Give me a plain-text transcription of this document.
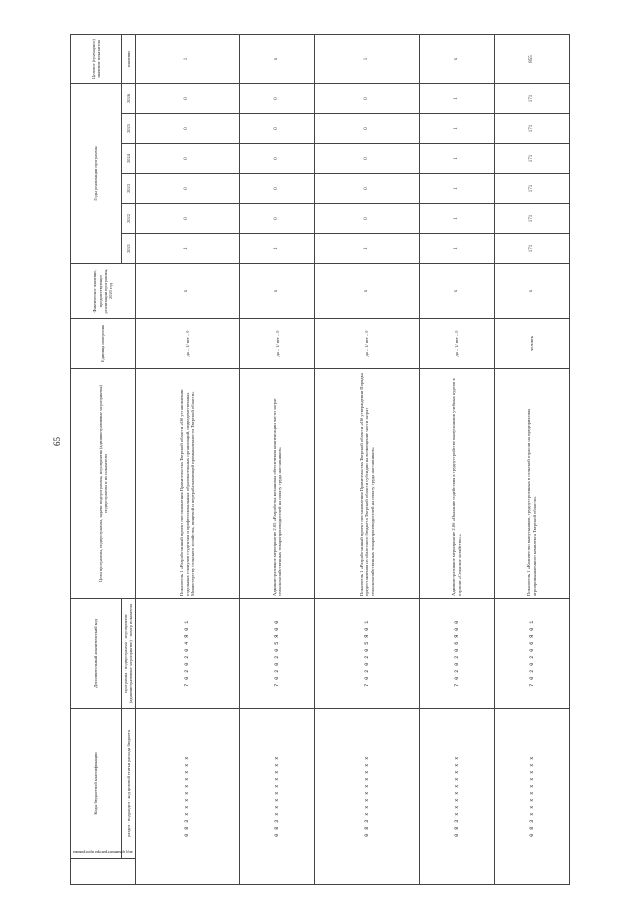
65
код администратора программы	Коды бюджетной классификации	Дополнительный аналитический код	Цели программы, подпрограммы, задачи подпрограммы, мероприятия (административные мероприятия) подпрограммы и их показатели	Единица измерения	Фактическое значение, предшествующее реализации программы, 2020 год	Годы реализации программы						Целевое (суммарное) значение показателя
	раздел · подраздел · код целевой статьи расхода бюджета	программа · подпрограмма · мероприятие (административное мероприятие) · номер показателя				2021	2022	2023	2024	2025	2026	значение
0 8 3 х х х х х х х х х		7 0 2 0 2 0 4 Я 0 1	Показатель 1 «Разработанный проект постановления Правительства Тверской области «Об установлении отдельных стимулов студентам и профессиональных образовательных организаций, подведомственных Министерству сельского хозяйства, пищевой и перерабатывающей промышленности Тверской области»	да – 1/ нет – 0	х	1	0	0	0	0	0	1
0 8 3 х х х х х х х х х		7 0 2 0 2 0 5 Я 0 0	Административное мероприятие 2.05 «Разработка механизма обеспечения компенсации части затрат сельскохозяйственных товаропроизводителей на оплату труда наставников»	да – 1/ нет – 0	х	1	0	0	0	0	0	х
0 8 3 х х х х х х х х х		7 0 2 0 2 0 5 Я 0 1	Показатель 1 «Разработанный проект постановления Правительства Тверской области «Об утверждении Порядка предоставления из областного бюджета Тверской области субсидии на возмещение части затрат сельскохозяйственных товаропроизводителей на оплату труда наставников»	да – 1/ нет – 0	х	1	0	0	0	0	0	1
0 8 3 х х х х х х х х х		7 0 2 0 2 0 6 Я 0 0	Административное мероприятие 2.06 «Оказание содействия в трудоустройстве выпускников учебных курсов в отрасли «Сельское хозяйство»»	да – 1/ нет – 0	х	1	1	1	1	1	1	х
0 8 3 х х х х х х х х х		7 0 2 0 2 0 6 Я 0 1	Показатель 1 «Количество выпускников, трудоустроенных в сельской отрасли на предприятиях агропромышленного комплекса Тверской области»	человек	х	171	171	171	171	171	171	855
